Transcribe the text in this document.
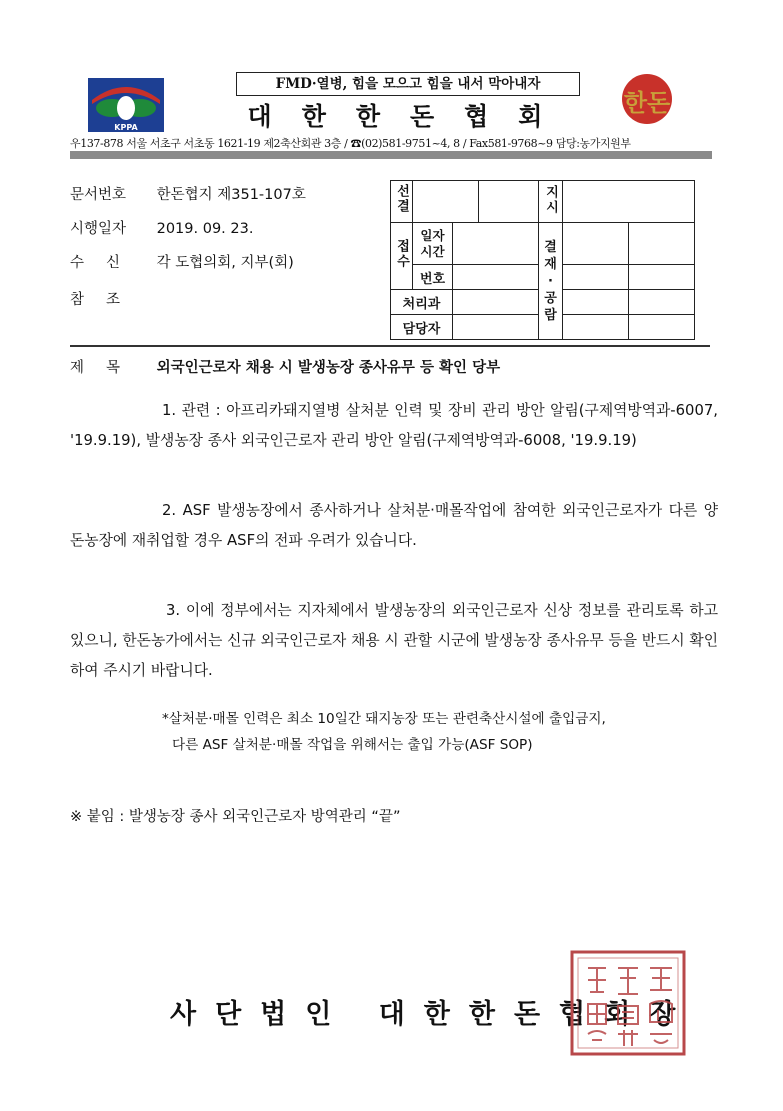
KPPA
FMD·열병, 힘을 모으고 힘을 내서 막아내자
대한한돈협회	한돈
우137-878 서울 서초구 서초동 1621-19 제2축산회관 3층 / ☎(02)581-9751~4, 8 / Fax581-9768~9 담당:농가지원부
문서번호 한돈협지 제351-107호
시행일자 2019. 09. 23.
수신 각 도협의회, 지부(회)
참조
선결				지시		
접수	일자시간			결재·공람		
	번호					
처리과						
담당자						
제목 외국인근로자 채용 시 발생농장 종사유무 등 확인 당부
1. 관련 : 아프리카돼지열병 살처분 인력 및 장비 관리 방안 알림(구제역방역과-6007, '19.9.19), 발생농장 종사 외국인근로자 관리 방안 알림(구제역방역과-6008, '19.9.19)
2. ASF 발생농장에서 종사하거나 살처분·매몰작업에 참여한 외국인근로자가 다른 양돈농장에 재취업할 경우 ASF의 전파 우려가 있습니다.
3. 이에 정부에서는 지자체에서 발생농장의 외국인근로자 신상 정보를 관리토록 하고 있으니, 한돈농가에서는 신규 외국인근로자 채용 시 관할 시군에 발생농장 종사유무 등을 반드시 확인하여 주시기 바랍니다.
*살처분·매몰 인력은 최소 10일간 돼지농장 또는 관련축산시설에 출입금지,
다른 ASF 살처분·매몰 작업을 위해서는 출입 가능(ASF SOP)
※ 붙임 : 발생농장 종사 외국인근로자 방역관리 “끝”
사단법인 대한한돈협회장
